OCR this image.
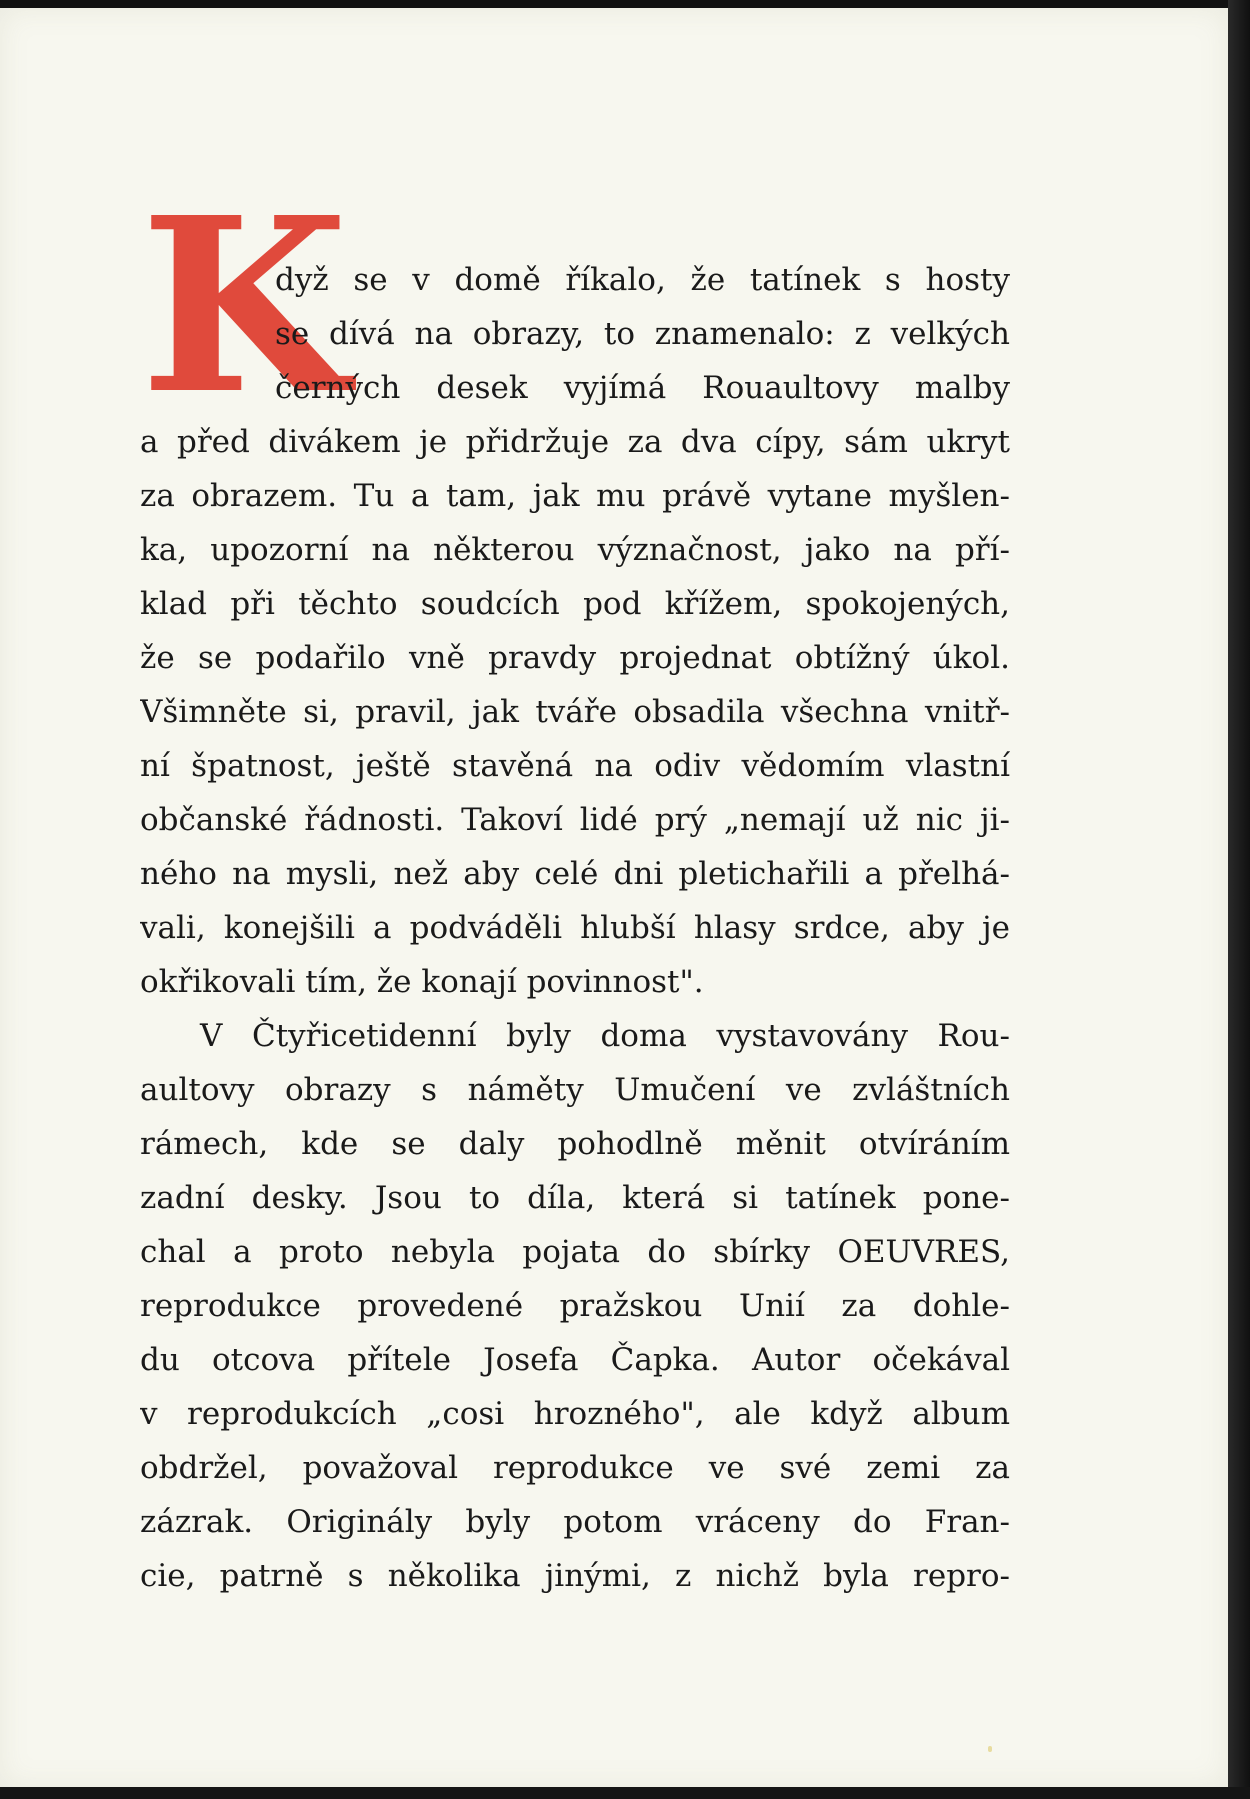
K
dyž se v domě říkalo, že tatínek s hosty
se dívá na obrazy, to znamenalo: z velkých
černých desek vyjímá Rouaultovy malby
a před divákem je přidržuje za dva cípy, sám ukryt
za obrazem. Tu a tam, jak mu právě vytane myšlen-
ka, upozorní na některou význačnost, jako na pří-
klad při těchto soudcích pod křížem, spokojených,
že se podařilo vně pravdy projednat obtížný úkol.
Všimněte si, pravil, jak tváře obsadila všechna vnitř-
ní špatnost, ještě stavěná na odiv vědomím vlastní
občanské řádnosti. Takoví lidé prý „nemají už nic ji-
ného na mysli, než aby celé dni pletichařili a přelhá-
vali, konejšili a podváděli hlubší hlasy srdce, aby je
okřikovali tím, že konají povinnost".
V Čtyřicetidenní byly doma vystavovány Rou-
aultovy obrazy s náměty Umučení ve zvláštních
rámech, kde se daly pohodlně měnit otvíráním
zadní desky. Jsou to díla, která si tatínek pone-
chal a proto nebyla pojata do sbírky OEUVRES,
reprodukce provedené pražskou Unií za dohle-
du otcova přítele Josefa Čapka. Autor očekával
v reprodukcích „cosi hrozného", ale když album
obdržel, považoval reprodukce ve své zemi za
zázrak. Originály byly potom vráceny do Fran-
cie, patrně s několika jinými, z nichž byla repro-
